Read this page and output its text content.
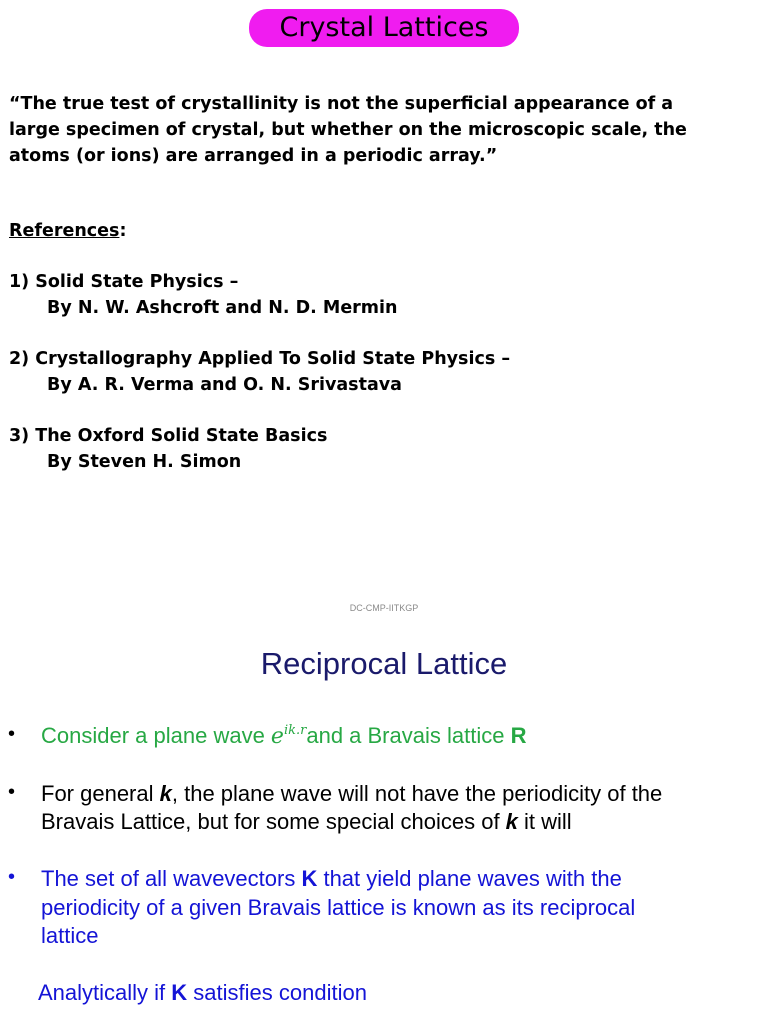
Crystal Lattices
“The true test of crystallinity is not the superficial appearance of a
large specimen of crystal, but whether on the microscopic scale, the
atoms (or ions) are arranged in a periodic array.”
References:
1) Solid State Physics –
By N. W. Ashcroft and N. D. Mermin
2) Crystallography Applied To Solid State Physics –
By A. R. Verma and O. N. Srivastava
3) The Oxford Solid State Basics
By Steven H. Simon
DC-CMP-IITKGP
Reciprocal Lattice
• Consider a plane wave $e^{ik.r}and$ a Bravais lattice R
• For general k, the plane wave will not have the periodicity of the
Bravais Lattice, but for some special choices of k it will
• The set of all wavevectors K that yield plane waves with the
periodicity of a given Bravais lattice is known as its reciprocal
lattice
Analytically if K satisfies condition
